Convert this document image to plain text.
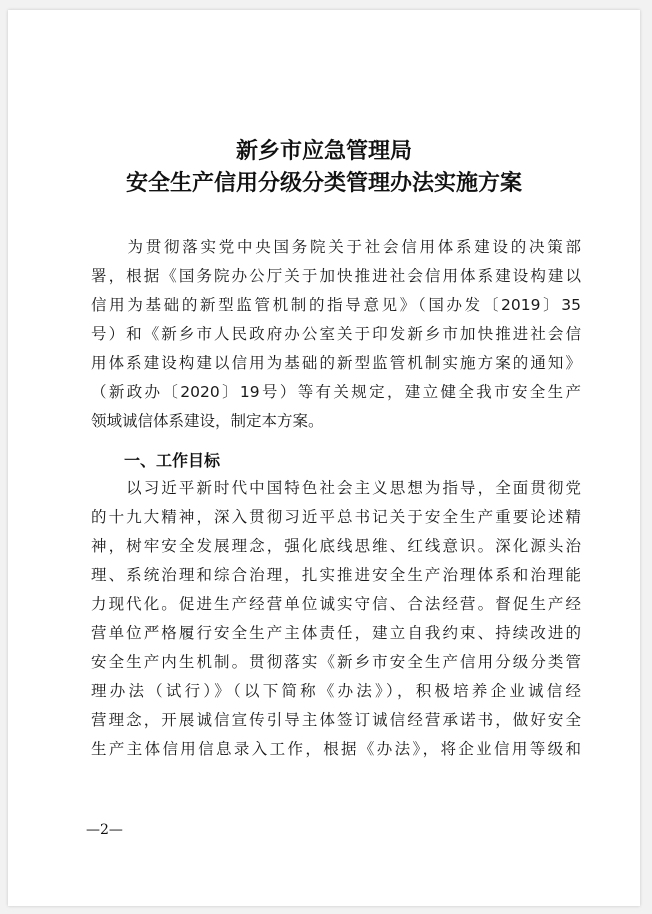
新乡市应急管理局
安全生产信用分级分类管理办法实施方案
　　为贯彻落实党中央国务院关于社会信用体系建设的决策部
署，根据《国务院办公厅关于加快推进社会信用体系建设构建以
信用为基础的新型监管机制的指导意见》（国办发〔2019〕35
号）和《新乡市人民政府办公室关于印发新乡市加快推进社会信
用体系建设构建以信用为基础的新型监管机制实施方案的通知》
（新政办〔2020〕19号）等有关规定，建立健全我市安全生产
领域诚信体系建设，制定本方案。
一、工作目标
　　以习近平新时代中国特色社会主义思想为指导，全面贯彻党
的十九大精神，深入贯彻习近平总书记关于安全生产重要论述精
神，树牢安全发展理念，强化底线思维、红线意识。深化源头治
理、系统治理和综合治理，扎实推进安全生产治理体系和治理能
力现代化。促进生产经营单位诚实守信、合法经营。督促生产经
营单位严格履行安全生产主体责任，建立自我约束、持续改进的
安全生产内生机制。贯彻落实《新乡市安全生产信用分级分类管
理办法（试行）》（以下简称《办法》），积极培养企业诚信经
营理念，开展诚信宣传引导主体签订诚信经营承诺书，做好安全
生产主体信用信息录入工作，根据《办法》，将企业信用等级和
—2—
